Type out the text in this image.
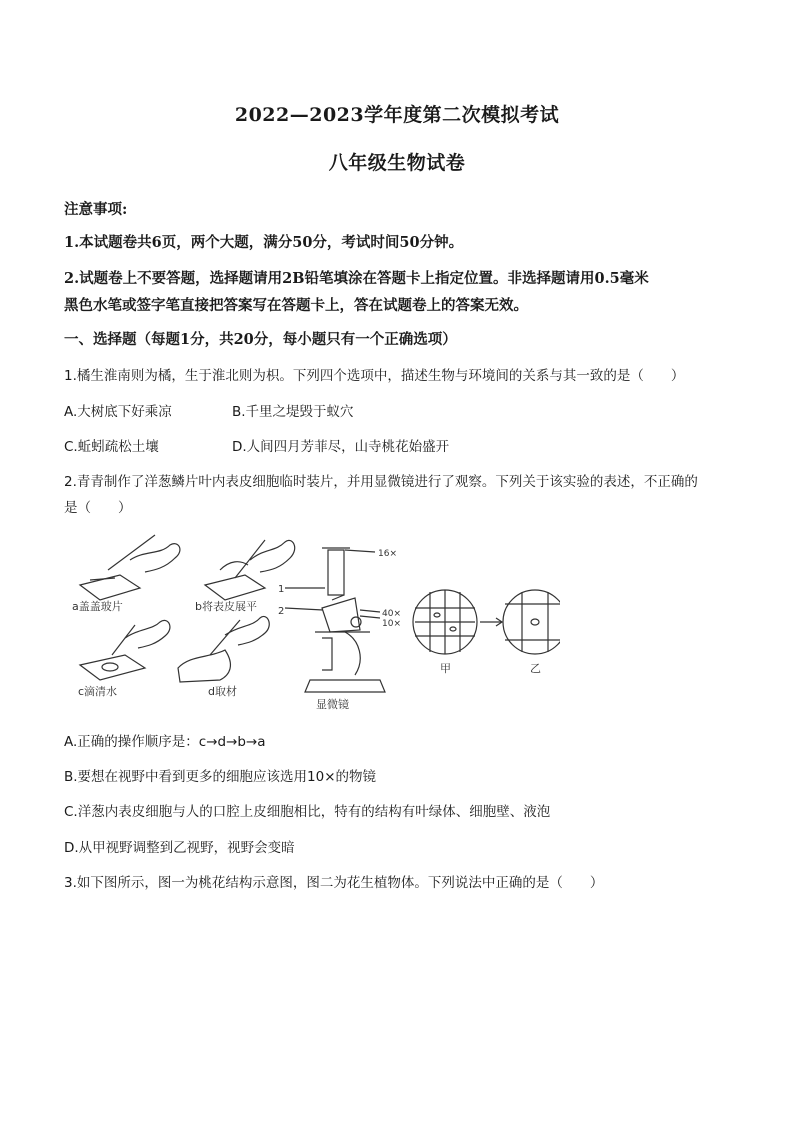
2022—2023学年度第二次模拟考试
八年级生物试卷
注意事项:
1.本试题卷共6页，两个大题，满分50分，考试时间50分钟。
2.试题卷上不要答题，选择题请用2B铅笔填涂在答题卡上指定位置。非选择题请用0.5毫米
黑色水笔或签字笔直接把答案写在答题卡上，答在试题卷上的答案无效。
一、选择题（每题1分，共20分，每小题只有一个正确选项）
1.橘生淮南则为橘，生于淮北则为枳。下列四个选项中，描述生物与环境间的关系与其一致的是（　　）
A.大树底下好乘凉	B.千里之堤毁于蚁穴
C.蚯蚓疏松土壤	D.人间四月芳菲尽，山寺桃花始盛开
2.青青制作了洋葱鳞片叶内表皮细胞临时装片，并用显微镜进行了观察。下列关于该实验的表述，不正确的
是（　　）
a盖盖玻片	b将表皮展平
c滴清水	d取材
显微镜
甲	乙
16×
40×
10×
1
2
A.正确的操作顺序是：c→d→b→a
B.要想在视野中看到更多的细胞应该选用10×的物镜
C.洋葱内表皮细胞与人的口腔上皮细胞相比，特有的结构有叶绿体、细胞壁、液泡
D.从甲视野调整到乙视野，视野会变暗
3.如下图所示，图一为桃花结构示意图，图二为花生植物体。下列说法中正确的是（　　）
